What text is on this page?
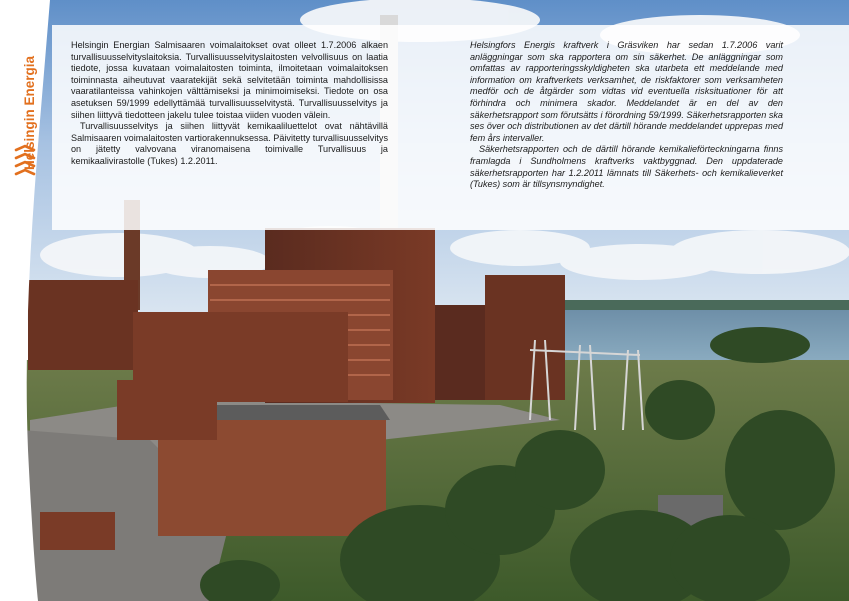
Helsingin Energian Salmisaaren voimalaitokset ovat olleet 1.7.2006 alkaen turvallisuusselvityslaitoksia. Turvallisuusselvityslaitosten velvollisuus on laatia tiedote, jossa kuvataan voimalaitosten toiminta, ilmoitetaan voimalaitoksen toiminnasta aiheutuvat vaaratekijät sekä selvitetään toiminta mahdollisissa vaaratilanteissa vahinkojen välttämiseksi ja minimoimiseksi. Tiedote on osa asetuksen 59/1999 edellyttämää turvallisuusselvitystä. Turvallisuusselvitys ja siihen liittyvä tiedotteen jakelu tulee toistaa viiden vuoden välein.

Turvallisuusselvitys ja siihen liittyvät kemikaaliluettelot ovat nähtävillä Salmisaaren voimalaitosten vartiorakennuksessa. Päivitetty turvallisuusselvitys on jätetty valvovana viranomaisena toimivalle Turvallisuus ja kemikaalivirastolle (Tukes) 1.2.2011.

Helsingfors Energis kraftverk i Gräsviken har sedan 1.7.2006 varit anläggningar som ska rapportera om sin säkerhet. De anläggningar som omfattas av rapporteringsskyldigheten ska utarbeta ett meddelande med information om kraftverkets verksamhet, de riskfaktorer som verksamheten medför och de åtgärder som vidtas vid eventuella risksituationer för att förhindra och minimera skador. Meddelandet är en del av den säkerhetsrapport som förutsätts i förordning 59/1999. Säkerhetsrapporten ska ses över och distributionen av det därtill hörande meddelandet upprepas med fem års intervaller.

Säkerhetsrapporten och de därtill hörande kemikalieförteckningarna finns framlagda i Sundholmens kraftverks vaktbyggnad. Den uppdaterade säkerhetsrapporten har 1.2.2011 lämnats till Säkerhets- och kemikalieverket (Tukes) som är tillsynsmyndighet.

Helsingin Energia
